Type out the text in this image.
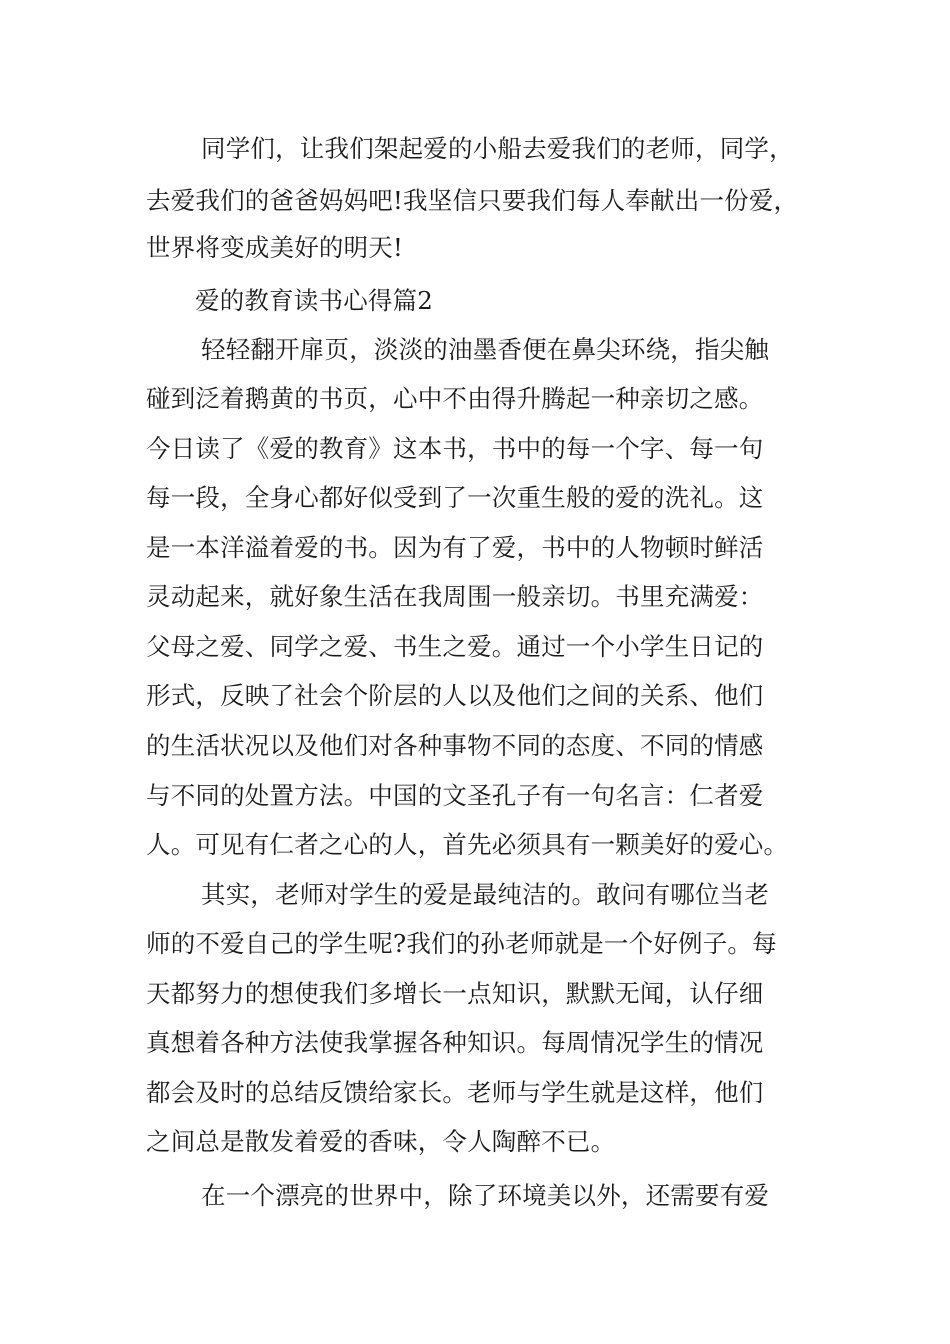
同学们，让我们架起爱的小船去爱我们的老师，同学，
去爱我们的爸爸妈妈吧!我坚信只要我们每人奉献出一份爱，
世界将变成美好的明天!
爱的教育读书心得篇2
轻轻翻开扉页，淡淡的油墨香便在鼻尖环绕，指尖触
碰到泛着鹅黄的书页，心中不由得升腾起一种亲切之感。
今日读了《爱的教育》这本书，书中的每一个字、每一句
每一段，全身心都好似受到了一次重生般的爱的洗礼。这
是一本洋溢着爱的书。因为有了爱，书中的人物顿时鲜活
灵动起来，就好象生活在我周围一般亲切。书里充满爱：
父母之爱、同学之爱、书生之爱。通过一个小学生日记的
形式，反映了社会个阶层的人以及他们之间的关系、他们
的生活状况以及他们对各种事物不同的态度、不同的情感
与不同的处置方法。中国的文圣孔子有一句名言：仁者爱
人。可见有仁者之心的人，首先必须具有一颗美好的爱心。
其实，老师对学生的爱是最纯洁的。敢问有哪位当老
师的不爱自己的学生呢?我们的孙老师就是一个好例子。每
天都努力的想使我们多增长一点知识，默默无闻，认仔细
真想着各种方法使我掌握各种知识。每周情况学生的情况
都会及时的总结反馈给家长。老师与学生就是这样，他们
之间总是散发着爱的香味，令人陶醉不已。
在一个漂亮的世界中，除了环境美以外，还需要有爱
